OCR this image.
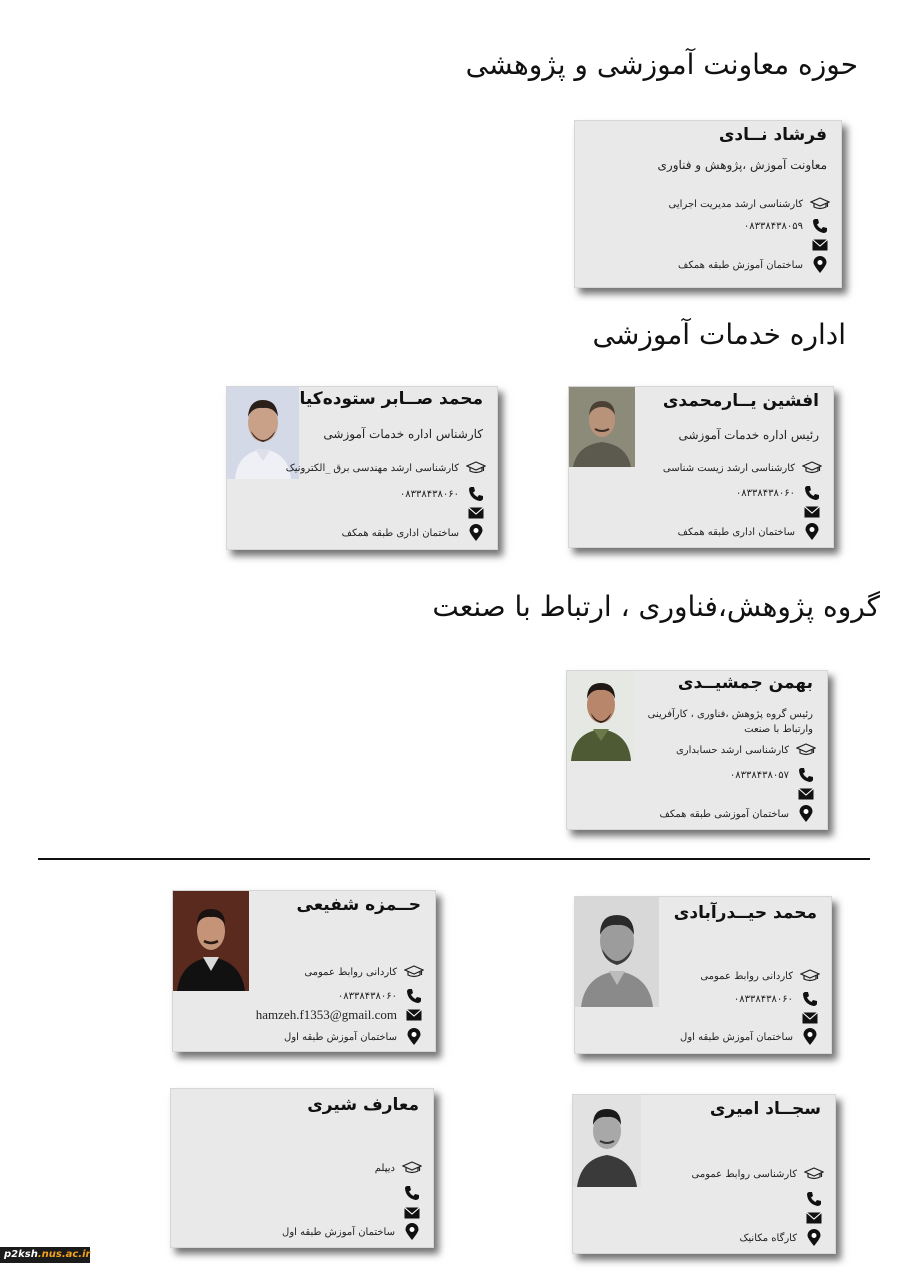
حوزه معاونت آموزشی و پژوهشی
اداره خدمات آموزشی
گروه پژوهش،فناوری ، ارتباط با صنعت
فرشاد نــادی
معاونت آموزش ،پژوهش و فناوری
کارشناسی ارشد مدیریت اجرایی
۰۸۳۳۸۴۳۸۰۵۹
ساختمان آموزش طبقه همکف
محمد صــابر ستوده‌کیا
کارشناس اداره خدمات آموزشی
کارشناسی ارشد مهندسی برق _الکترونیک
۰۸۳۳۸۴۳۸۰۶۰
ساختمان اداری طبقه همکف
افشین یــارمحمدی
رئیس اداره خدمات آموزشی
کارشناسی ارشد زیست شناسی
۰۸۳۳۸۴۳۸۰۶۰
ساختمان اداری طبقه همکف
بهمن جمشیــدی
رئیس گروه پژوهش ،فناوری ، کارآفرینی وارتباط با صنعت
کارشناسی ارشد حسابداری
۰۸۳۳۸۴۳۸۰۵۷
ساختمان آموزشی طبقه همکف
حــمزه شفیعی
کاردانی روابط عمومی
۰۸۳۳۸۴۳۸۰۶۰
hamzeh.f1353@gmail.com
ساختمان آموزش طبقه اول
محمد حیــدرآبادی
کاردانی روابط عمومی
۰۸۳۳۸۴۳۸۰۶۰
ساختمان آموزش طبقه اول
معارف شیری
دیپلم
ساختمان آموزش طبقه اول
سجــاد امیری
کارشناسی روابط عمومی
کارگاه مکانیک
p2ksh.nus.ac.ir
